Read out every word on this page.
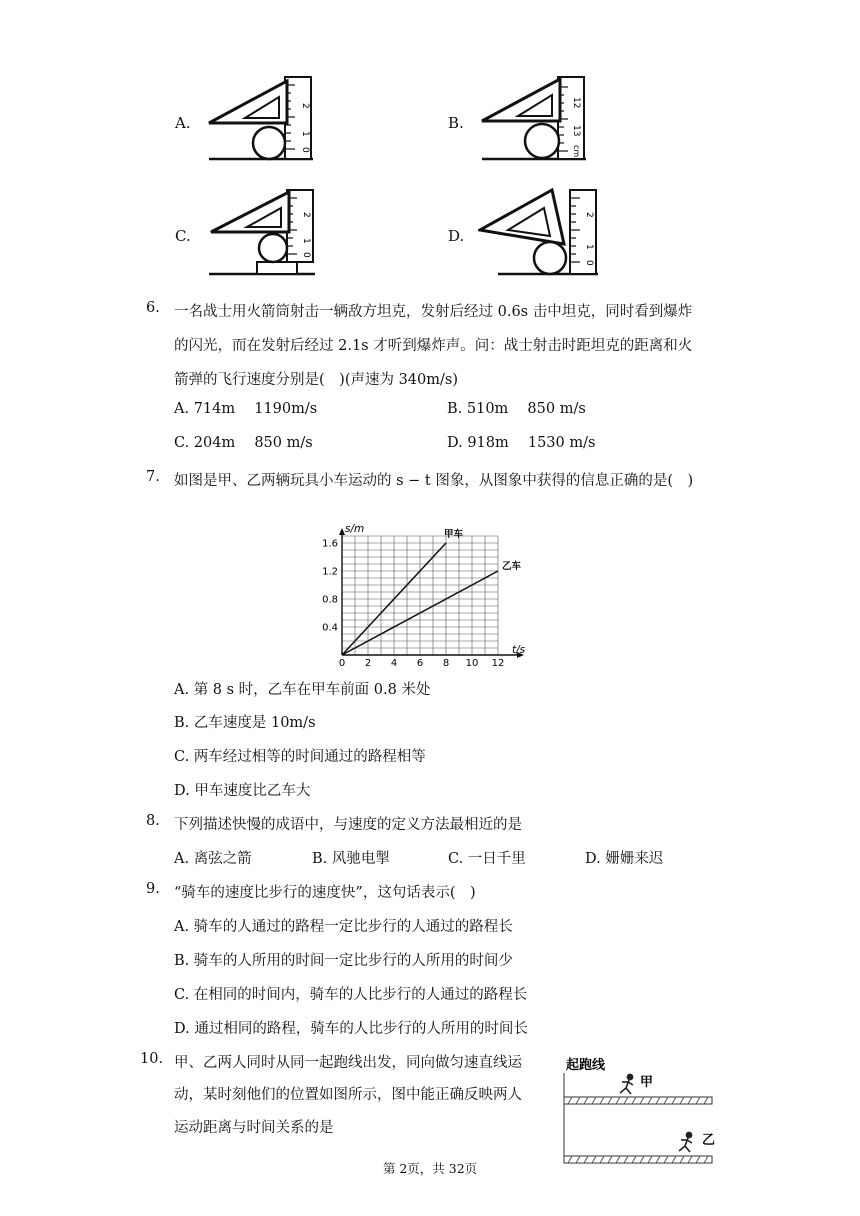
A.
2
1
0
B.
12
13
cm
C.
2
1
0
D.
2
1
0
6. 一名战士用火箭筒射击一辆敌方坦克，发射后经过 0.6s 击中坦克，同时看到爆炸
的闪光，而在发射后经过 2.1s 才听到爆炸声。问：战士射击时距坦克的距离和火
箭弹的飞行速度分别是(　)(声速为 340m/s)
A. 714m  1190m/s	B. 510m  850 m/s
C. 204m  850 m/s	D. 918m  1530 m/s
7. 如图是甲、乙两辆玩具小车运动的 s − t 图象，从图象中获得的信息正确的是(　)
0 2 4 6 8 10 12
0.4
0.8
1.2
1.6
s/m
t/s
甲车
乙车
A. 第 8 s 时，乙车在甲车前面 0.8 米处
B. 乙车速度是 10m/s
C. 两车经过相等的时间通过的路程相等
D. 甲车速度比乙车大
8. 下列描述快慢的成语中，与速度的定义方法最相近的是
A. 离弦之箭	B. 风驰电掣	C. 一日千里	D. 姗姗来迟
9. “骑车的速度比步行的速度快”，这句话表示(　)
A. 骑车的人通过的路程一定比步行的人通过的路程长
B. 骑车的人所用的时间一定比步行的人所用的时间少
C. 在相同的时间内，骑车的人比步行的人通过的路程长
D. 通过相同的路程，骑车的人比步行的人所用的时间长
10. 甲、乙两人同时从同一起跑线出发，同向做匀速直线运
动，某时刻他们的位置如图所示，图中能正确反映两人
运动距离与时间关系的是
起跑线
甲
乙
第 2页，共 32页
